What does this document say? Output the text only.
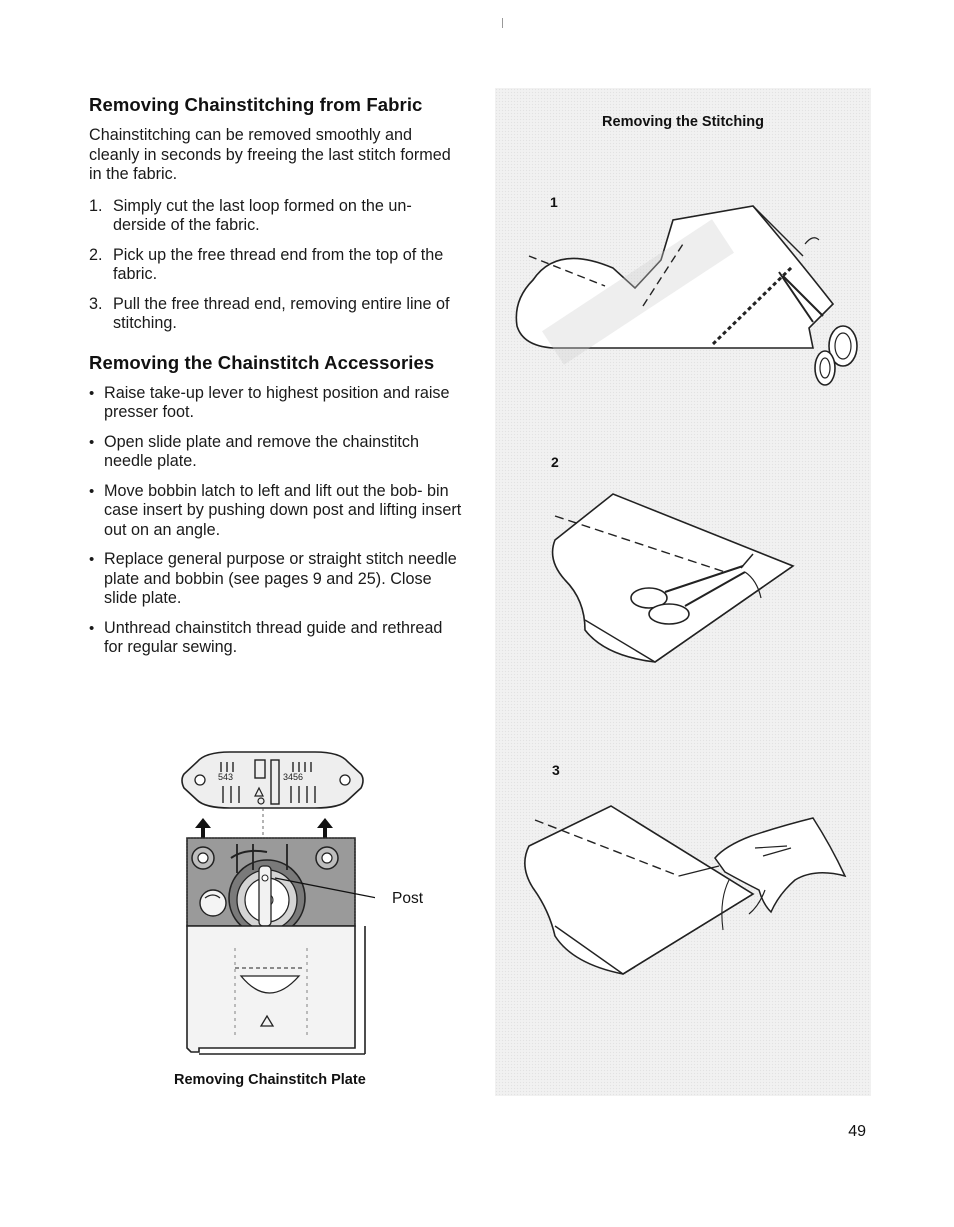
Removing Chainstitching from Fabric

Chainstitching can be removed smoothly and cleanly in seconds by freeing the last stitch formed in the fabric.

1. Simply cut the last loop formed on the un- derside of the fabric.
2. Pick up the free thread end from the top of the fabric.
3. Pull the free thread end, removing entire line of stitching.
Removing the Chainstitch Accessories
• Raise take-up lever to highest position and raise presser foot.
• Open slide plate and remove the chainstitch needle plate.
• Move bobbin latch to left and lift out the bob- bin case insert by pushing down post and lifting insert out on an angle.
• Replace general purpose or straight stitch needle plate and bobbin (see pages 9 and 25). Close slide plate.
• Unthread chainstitch thread guide and rethread for regular sewing.
543	3456
Post
Removing Chainstitch Plate
Removing the Stitching
1
2
3
49
